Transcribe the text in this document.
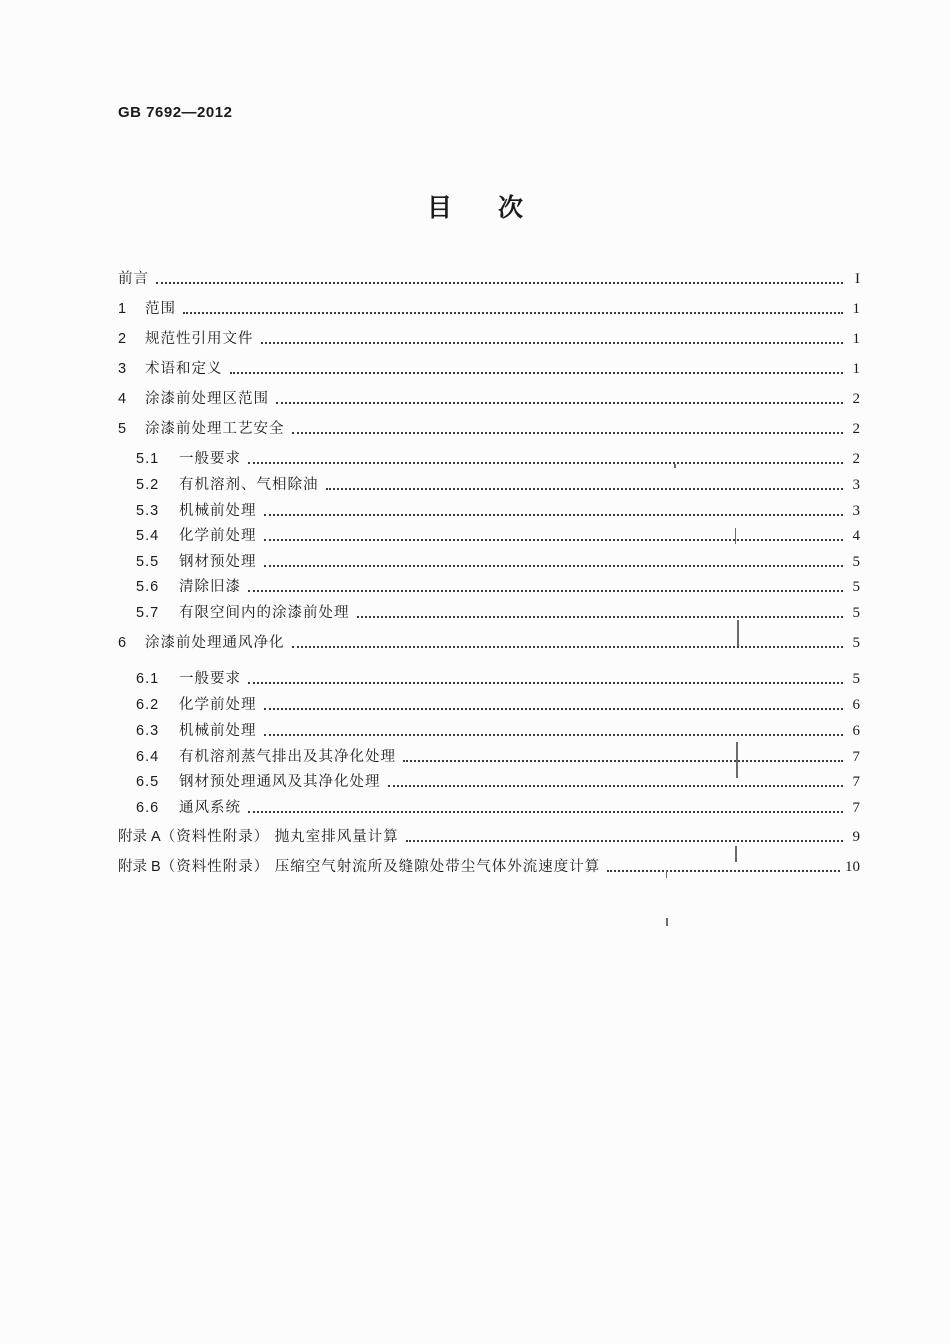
GB 7692—2012
目次
前言	I
1	范围	1
2	规范性引用文件	1
3	术语和定义	1
4	涂漆前处理区范围	2
5	涂漆前处理工艺安全	2
5.1	一般要求	2
5.2	有机溶剂、气相除油	3
5.3	机械前处理	3
5.4	化学前处理	4
5.5	钢材预处理	5
5.6	清除旧漆	5
5.7	有限空间内的涂漆前处理	5
6	涂漆前处理通风净化	5
6.1	一般要求	5
6.2	化学前处理	6
6.3	机械前处理	6
6.4	有机溶剂蒸气排出及其净化处理	7
6.5	钢材预处理通风及其净化处理	7
6.6	通风系统	7
附录 A （资料性附录） 抛丸室排风量计算	9
附录 B （资料性附录） 压缩空气射流所及缝隙处带尘气体外流速度计算	10
